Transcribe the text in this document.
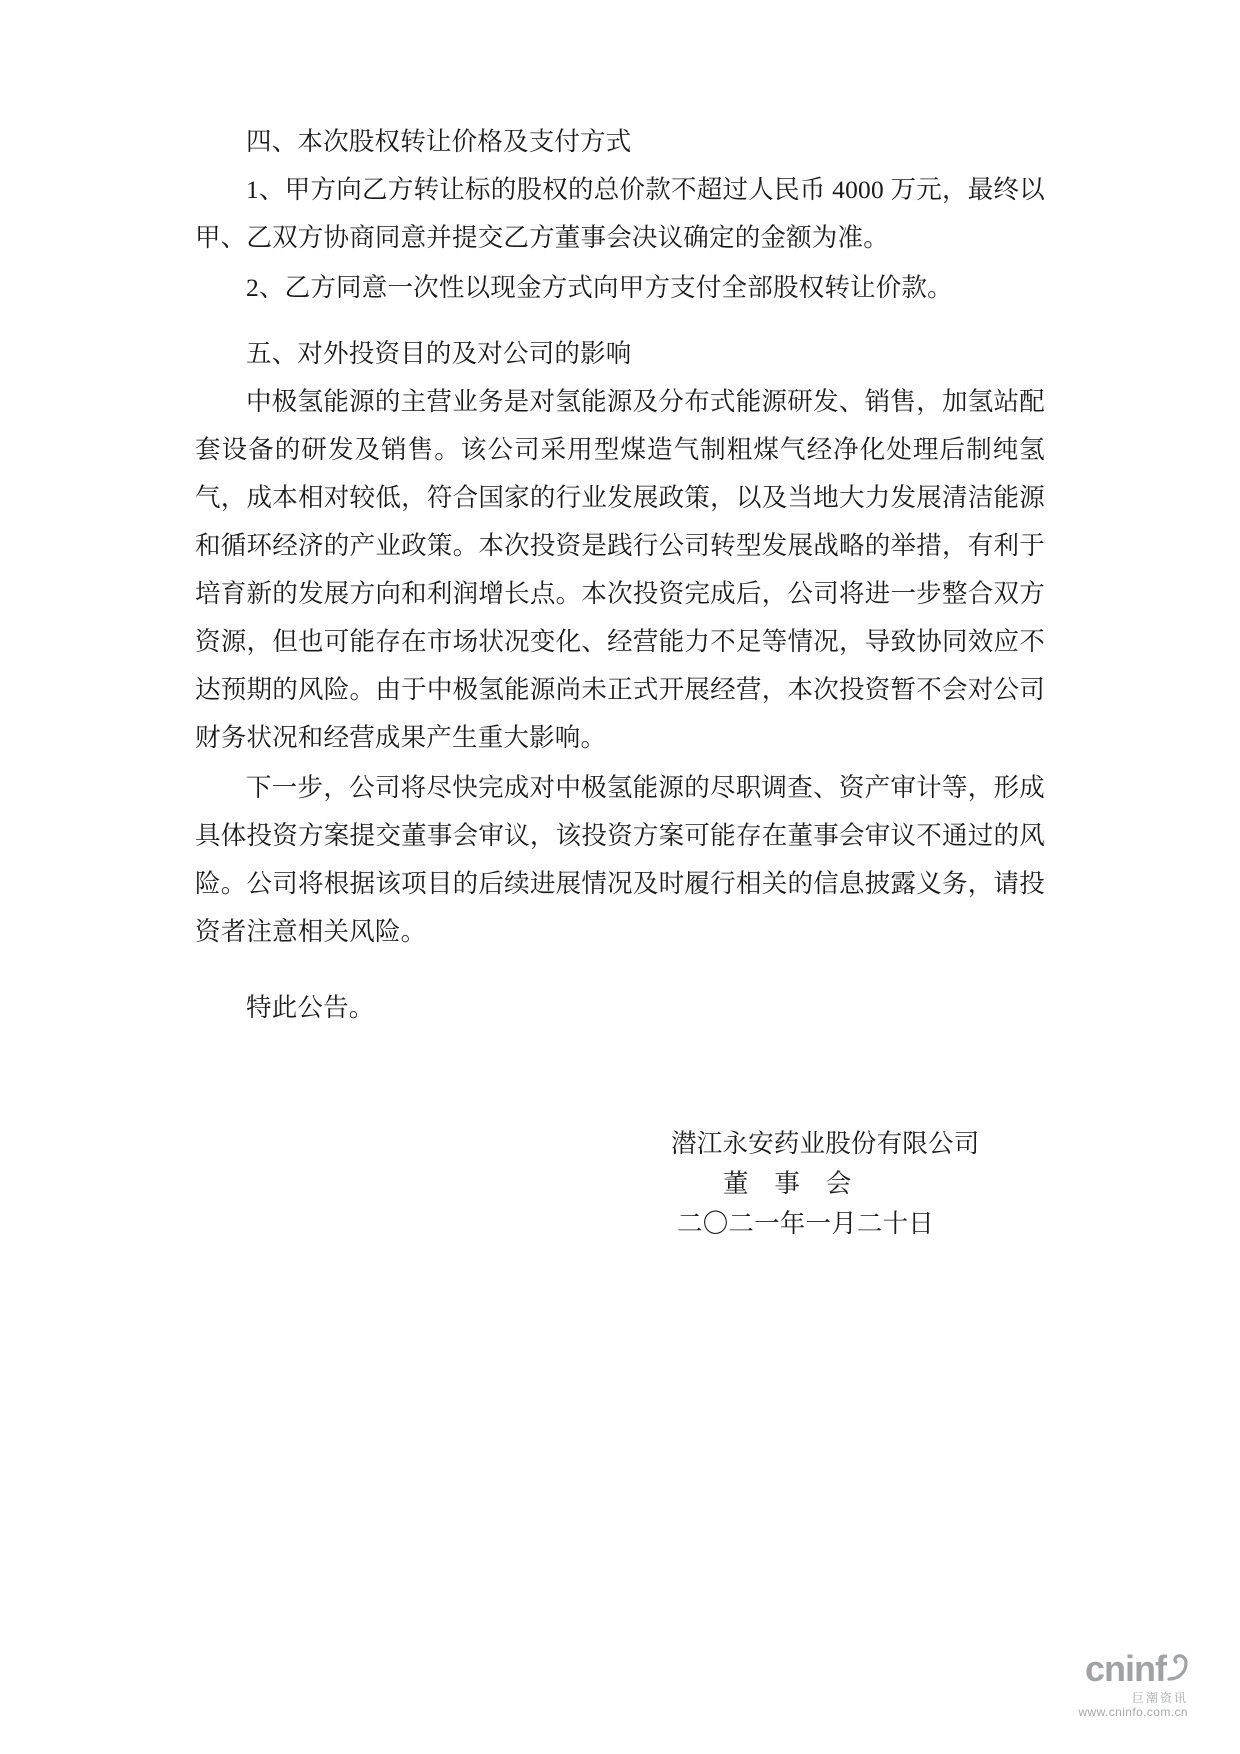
四、本次股权转让价格及支付方式
1、甲方向乙方转让标的股权的总价款不超过人民币 4000 万元，最终以甲、乙双方协商同意并提交乙方董事会决议确定的金额为准。
2、乙方同意一次性以现金方式向甲方支付全部股权转让价款。
五、对外投资目的及对公司的影响
中极氢能源的主营业务是对氢能源及分布式能源研发、销售，加氢站配套设备的研发及销售。该公司采用型煤造气制粗煤气经净化处理后制纯氢气，成本相对较低，符合国家的行业发展政策，以及当地大力发展清洁能源和循环经济的产业政策。本次投资是践行公司转型发展战略的举措，有利于培育新的发展方向和利润增长点。本次投资完成后，公司将进一步整合双方资源，但也可能存在市场状况变化、经营能力不足等情况，导致协同效应不达预期的风险。由于中极氢能源尚未正式开展经营，本次投资暂不会对公司财务状况和经营成果产生重大影响。
下一步，公司将尽快完成对中极氢能源的尽职调查、资产审计等，形成具体投资方案提交董事会审议，该投资方案可能存在董事会审议不通过的风险。公司将根据该项目的后续进展情况及时履行相关的信息披露义务，请投资者注意相关风险。
特此公告。
潜江永安药业股份有限公司
董　事　会
二〇二一年一月二十日
cninf
巨潮资讯
www.cninfo.com.cn
